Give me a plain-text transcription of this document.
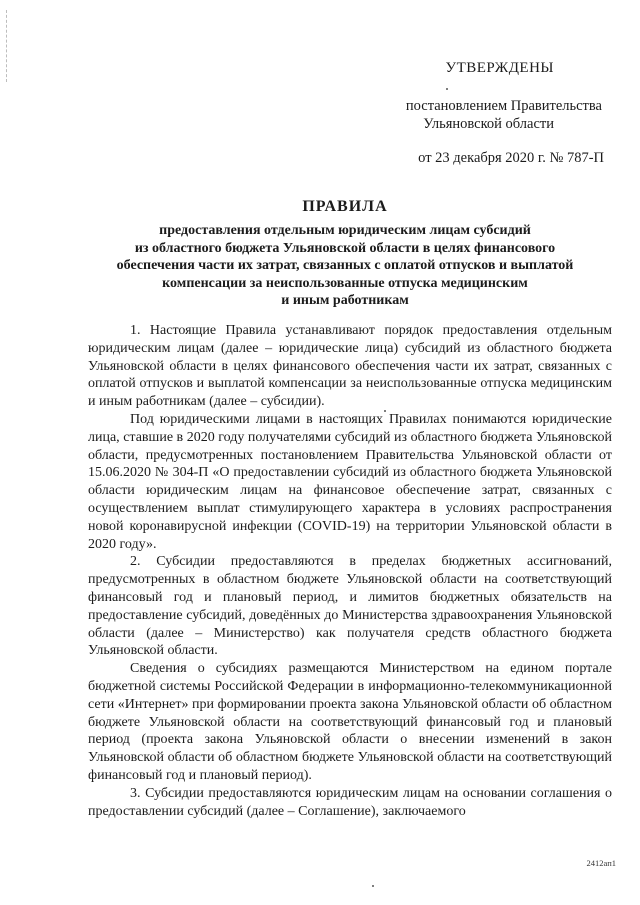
УТВЕРЖДЕНЫ
постановлением Правительства
Ульяновской области
от 23 декабря 2020 г. № 787-П
ПРАВИЛА
предоставления отдельным юридическим лицам субсидий
из областного бюджета Ульяновской области в целях финансового
обеспечения части их затрат, связанных с оплатой отпусков и выплатой
компенсации за неиспользованные отпуска медицинским
и иным работникам

1. Настоящие Правила устанавливают порядок предоставления отдельным юридическим лицам (далее – юридические лица) субсидий из областного бюджета Ульяновской области в целях финансового обеспечения части их затрат, связанных с оплатой отпусков и выплатой компенсации за неиспользованные отпуска медицинским и иным работникам (далее – субсидии).

Под юридическими лицами в настоящих Правилах понимаются юридические лица, ставшие в 2020 году получателями субсидий из областного бюджета Ульяновской области, предусмотренных постановлением Правительства Ульяновской области от 15.06.2020 № 304-П «О предоставлении субсидий из областного бюджета Ульяновской области юридическим лицам на финансовое обеспечение затрат, связанных с осуществлением выплат стимулирующего характера в условиях распространения новой коронавирусной инфекции (COVID-19) на территории Ульяновской области в 2020 году».

2. Субсидии предоставляются в пределах бюджетных ассигнований, предусмотренных в областном бюджете Ульяновской области на соответствующий финансовый год и плановый период, и лимитов бюджетных обязательств на предоставление субсидий, доведённых до Министерства здравоохранения Ульяновской области (далее – Министерство) как получателя средств областного бюджета Ульяновской области.

Сведения о субсидиях размещаются Министерством на едином портале бюджетной системы Российской Федерации в информационно-телекоммуникационной сети «Интернет» при формировании проекта закона Ульяновской области об областном бюджете Ульяновской области на соответствующий финансовый год и плановый период (проекта закона Ульяновской области о внесении изменений в закон Ульяновской области об областном бюджете Ульяновской области на соответствующий финансовый год и плановый период).

3. Субсидии предоставляются юридическим лицам на основании соглашения о предоставлении субсидий (далее – Соглашение), заключаемого

2412ап1
